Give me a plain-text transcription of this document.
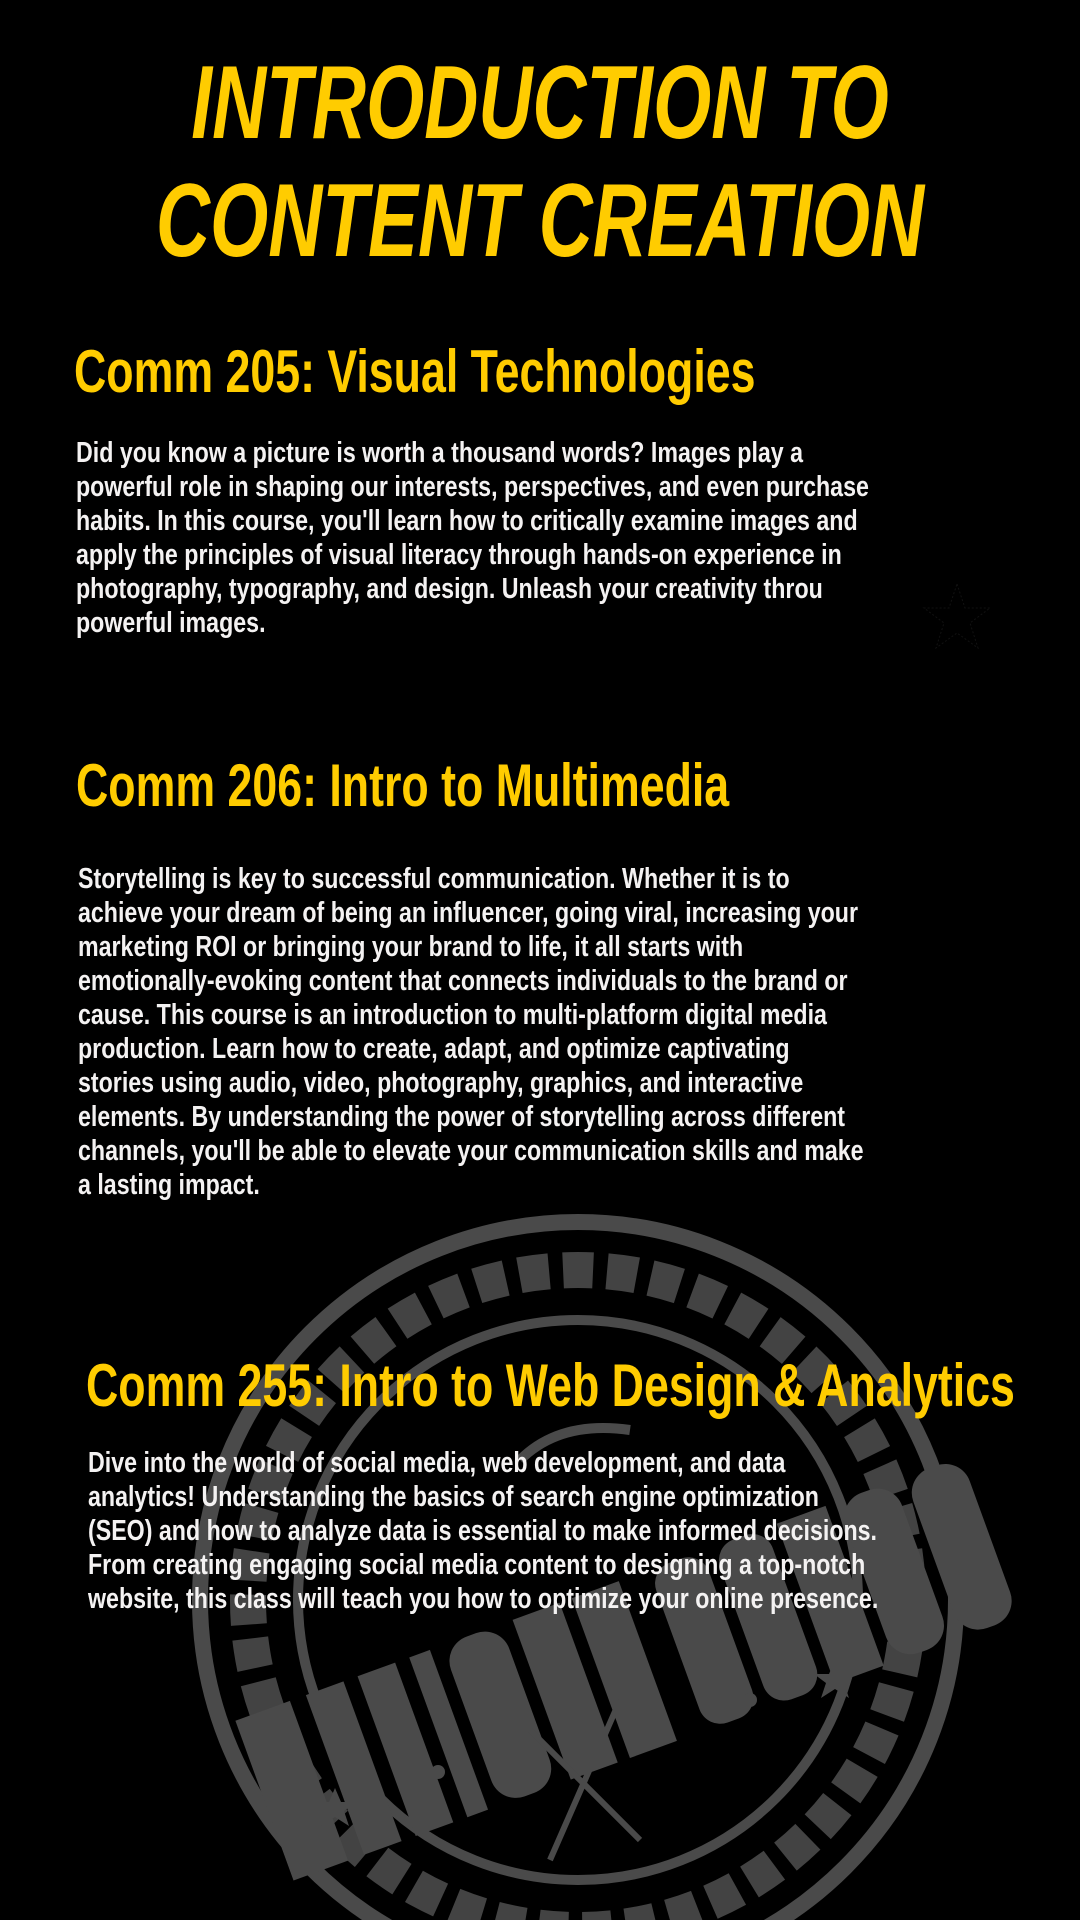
INTRODUCTION TO
CONTENT CREATION
Comm 205: Visual Technologies
Did you know a picture is worth a thousand words? Images play a
powerful role in shaping our interests, perspectives, and even purchase
habits. In this course, you'll learn how to critically examine images and
apply the principles of visual literacy through hands-on experience in
photography, typography, and design. Unleash your creativity throu
powerful images.
Comm 206: Intro to Multimedia
Storytelling is key to successful communication. Whether it is to
achieve your dream of being an influencer, going viral, increasing your
marketing ROI or bringing your brand to life, it all starts with
emotionally-evoking content that connects individuals to the brand or
cause. This course is an introduction to multi-platform digital media
production. Learn how to create, adapt, and optimize captivating
stories using audio, video, photography, graphics, and interactive
elements. By understanding the power of storytelling across different
channels, you'll be able to elevate your communication skills and make
a lasting impact.
Comm 255: Intro to Web Design & Analytics
Dive into the world of social media, web development, and data
analytics! Understanding the basics of search engine optimization
(SEO) and how to analyze data is essential to make informed decisions.
From creating engaging social media content to designing a top-notch
website, this class will teach you how to optimize your online presence.
